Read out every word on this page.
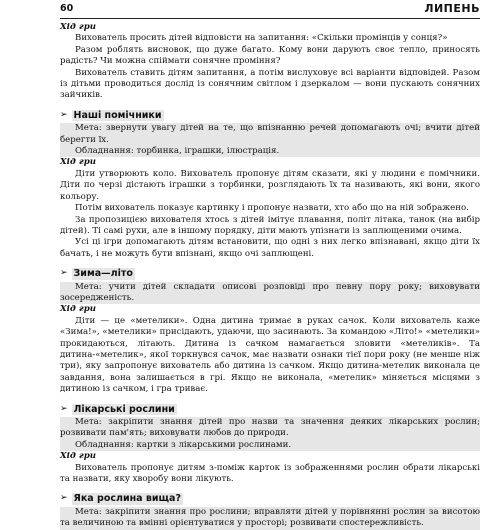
60	ЛИПЕНЬ

Хід гри

Вихователь просить дітей відповісти на запитання: «Скільки промінців у сонця?»

Разом роблять висновок, що дуже багато. Кому вони дарують своє тепло, приносять радість? Чи можна спіймати сонячне проміння?

Вихователь ставить дітям запитання, а потім вислуховує всі варіанти відповідей. Разом із дітьми проводиться дослід із сонячним світлом і дзеркалом — вони пускають сонячних зайчиків.

➢ Наші помічники

Мета: звернути увагу дітей на те, що впізнанню речей допомагають очі; вчити дітей берегти їх.

Обладнання: торбинка, іграшки, ілюстрація.

Хід гри

Діти утворюють коло. Вихователь пропонує дітям сказати, які у людини є помічники. Діти по черзі дістають іграшки з торбинки, розглядають їх та називають, які вони, якого кольору.

Потім вихователь показує картинку і пропонує назвати, хто або що на ній зображено.

За пропозицією вихователя хтось з дітей імітує плавання, політ літака, танок (на вибір дітей). Ті самі рухи, але в іншому порядку, діти мають упізнати із заплющеними очима.

Усі ці ігри допомагають дітям встановити, що одні з них легко впізнавані, якщо діти їх бачать, і не можуть бути впізнані, якщо очі заплющені.

➢ Зима—літо

Мета: учити дітей складати описові розповіді про певну пору року; виховувати зосередженість.

Хід гри

Діти — це «метелики». Одна дитина тримає в руках сачок. Коли вихователь каже «Зима!», «метелики» присідають, удаючи, що засинають. За командою «Літо!» «метелики» прокидаються, літають. Дитина із сачком намагається зловити «метеликів». Та дитина-«метелик», якої торкнувся сачок, має назвати ознаки тієї пори року (не менше ніж три), яку запропонує вихователь або дитина із сачком. Якщо дитина-метелик виконала це завдання, вона залишається в грі. Якщо не виконала, «метелик» міняється місцями з дитиною із сачком, і гра триває.

➢ Лікарські рослини

Мета: закріпити знання дітей про назви та значення деяких лікарських рослин; розвивати пам'ять; виховувати любов до природи.

Обладнання: картки з лікарськими рослинами.

Хід гри

Вихователь пропонує дитям з-поміж карток із зображеннями рослин обрати лікарські та назвати, яку хворобу вони лікують.

➢ Яка рослина вища?

Мета: закріпити знання про рослини; вправляти дітей у порівнянні рослин за висотою та величиною та вмінні орієнтуватися у просторі; розвивати спостережливість.
